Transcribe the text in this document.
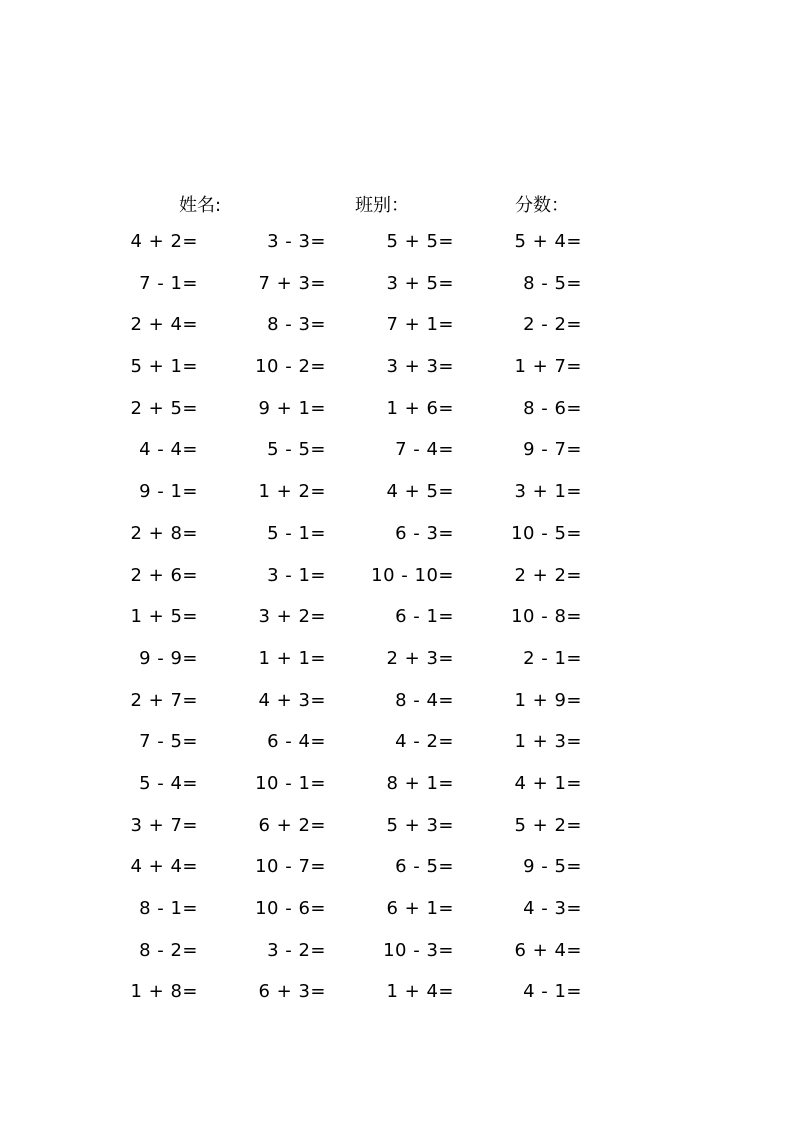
姓名:	班别：	分数：
4 + 2=	3 - 3=	5 + 5=	5 + 4=
7 - 1=	7 + 3=	3 + 5=	8 - 5=
2 + 4=	8 - 3=	7 + 1=	2 - 2=
5 + 1=	10 - 2=	3 + 3=	1 + 7=
2 + 5=	9 + 1=	1 + 6=	8 - 6=
4 - 4=	5 - 5=	7 - 4=	9 - 7=
9 - 1=	1 + 2=	4 + 5=	3 + 1=
2 + 8=	5 - 1=	6 - 3=	10 - 5=
2 + 6=	3 - 1=	10 - 10=	2 + 2=
1 + 5=	3 + 2=	6 - 1=	10 - 8=
9 - 9=	1 + 1=	2 + 3=	2 - 1=
2 + 7=	4 + 3=	8 - 4=	1 + 9=
7 - 5=	6 - 4=	4 - 2=	1 + 3=
5 - 4=	10 - 1=	8 + 1=	4 + 1=
3 + 7=	6 + 2=	5 + 3=	5 + 2=
4 + 4=	10 - 7=	6 - 5=	9 - 5=
8 - 1=	10 - 6=	6 + 1=	4 - 3=
8 - 2=	3 - 2=	10 - 3=	6 + 4=
1 + 8=	6 + 3=	1 + 4=	4 - 1=
